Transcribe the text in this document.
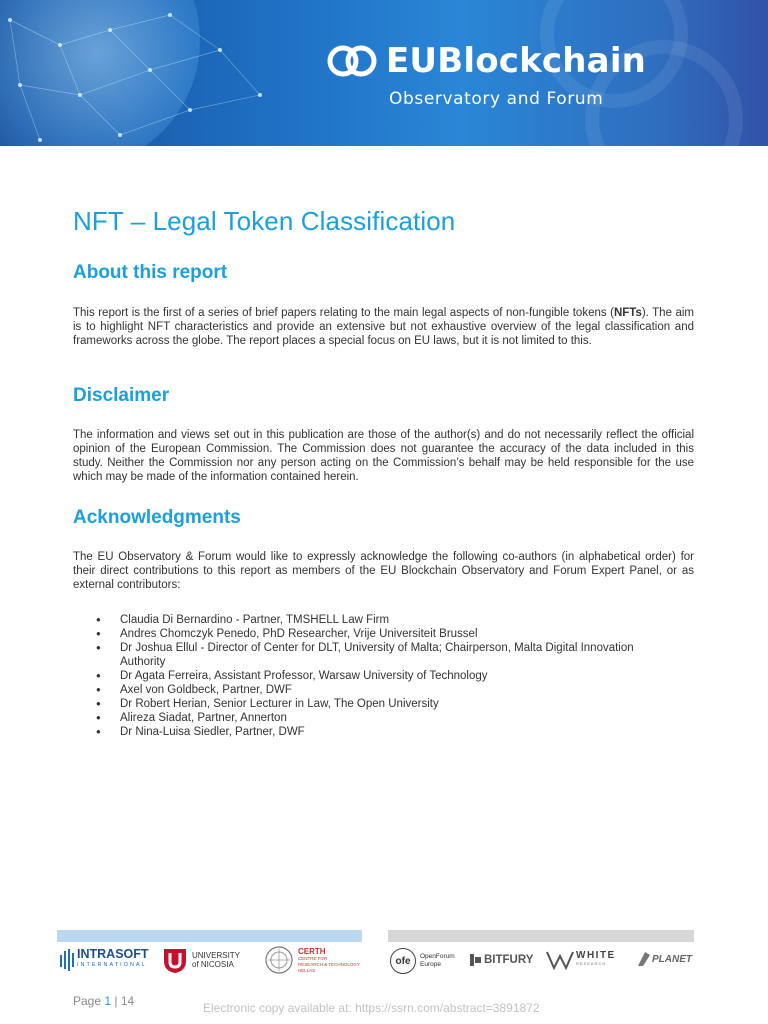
EUBlockchain
Observatory and Forum
NFT – Legal Token Classification
About this report

This report is the first of a series of brief papers relating to the main legal aspects of non-fungible tokens (NFTs). The aim is to highlight NFT characteristics and provide an extensive but not exhaustive overview of the legal classification and frameworks across the globe. The report places a special focus on EU laws, but it is not limited to this.

Disclaimer

The information and views set out in this publication are those of the author(s) and do not necessarily reflect the official opinion of the European Commission. The Commission does not guarantee the accuracy of the data included in this study. Neither the Commission nor any person acting on the Commission’s behalf may be held responsible for the use which may be made of the information contained herein.

Acknowledgments

The EU Observatory & Forum would like to expressly acknowledge the following co-authors (in alphabetical order) for their direct contributions to this report as members of the EU Blockchain Observatory and Forum Expert Panel, or as external contributors:

● Claudia Di Bernardino - Partner, TMSHELL Law Firm
● Andres Chomczyk Penedo, PhD Researcher, Vrije Universiteit Brussel
● Dr Joshua Ellul - Director of Center for DLT, University of Malta; Chairperson, Malta Digital Innovation Authority
● Dr Agata Ferreira, Assistant Professor, Warsaw University of Technology
● Axel von Goldbeck, Partner, DWF
● Dr Robert Herian, Senior Lecturer in Law, The Open University
● Alireza Siadat, Partner, Annerton
● Dr Nina-Luisa Siedler, Partner, DWF
INTRASOFT
INTERNATIONAL
UNIVERSITY
of NICOSIA
CERTH
CENTRE FOR
RESEARCH & TECHNOLOGY
HELLAS
ofe	OpenForum
Europe	BITFURY	WHITE
RESEARCH	PLANET
Page 1 | 14	Electronic copy available at: https://ssrn.com/abstract=3891872
